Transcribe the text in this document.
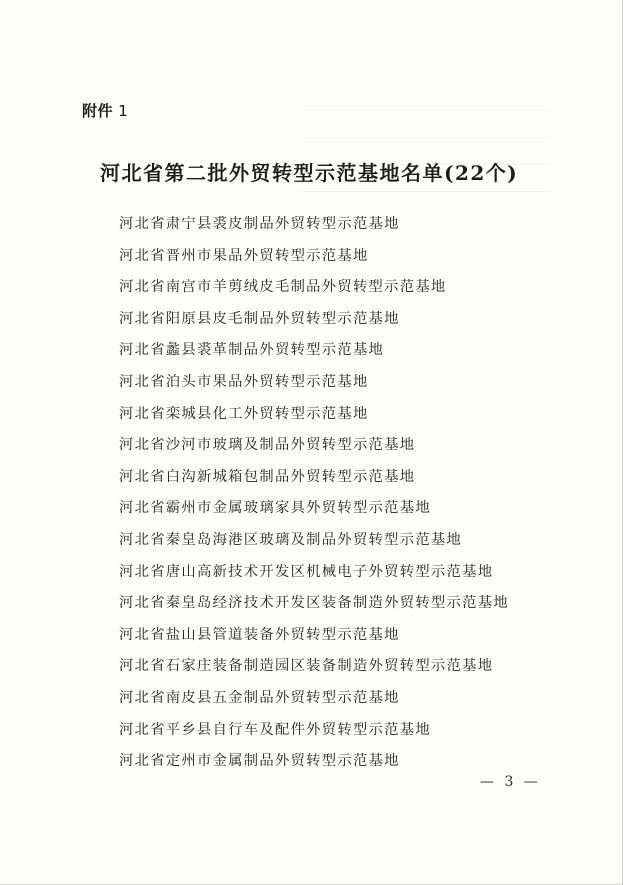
附件 1
河北省第二批外贸转型示范基地名单(22个)
河北省肃宁县裘皮制品外贸转型示范基地
河北省晋州市果品外贸转型示范基地
河北省南宫市羊剪绒皮毛制品外贸转型示范基地
河北省阳原县皮毛制品外贸转型示范基地
河北省蠡县裘革制品外贸转型示范基地
河北省泊头市果品外贸转型示范基地
河北省栾城县化工外贸转型示范基地
河北省沙河市玻璃及制品外贸转型示范基地
河北省白沟新城箱包制品外贸转型示范基地
河北省霸州市金属玻璃家具外贸转型示范基地
河北省秦皇岛海港区玻璃及制品外贸转型示范基地
河北省唐山高新技术开发区机械电子外贸转型示范基地
河北省秦皇岛经济技术开发区装备制造外贸转型示范基地
河北省盐山县管道装备外贸转型示范基地
河北省石家庄装备制造园区装备制造外贸转型示范基地
河北省南皮县五金制品外贸转型示范基地
河北省平乡县自行车及配件外贸转型示范基地
河北省定州市金属制品外贸转型示范基地
— 3 —
